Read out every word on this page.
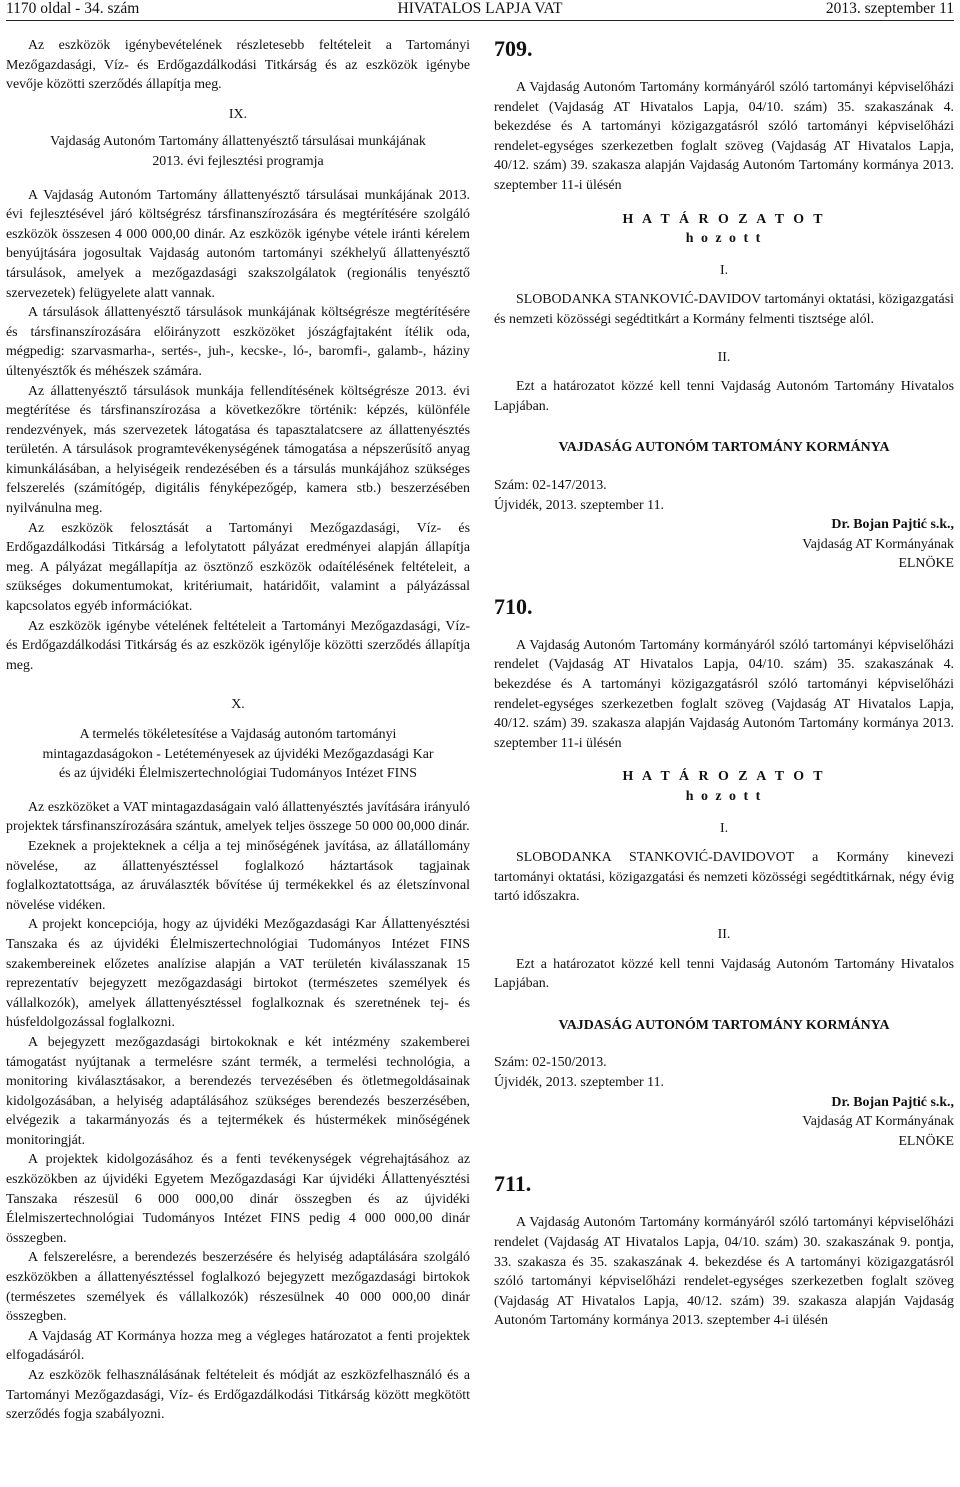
1170 oldal - 34. szám	HIVATALOS LAPJA VAT	2013. szeptember 11

Az eszközök igénybevételének részletesebb feltételeit a Tartományi Mezőgazdasági, Víz- és Erdőgazdálkodási Titkárság és az eszközök igénybe vevője közötti szerződés állapítja meg.

IX.

Vajdaság Autonóm Tartomány állattenyésztő társulásai munkájának

2013. évi fejlesztési programja

A Vajdaság Autonóm Tartomány állattenyésztő társulásai munkájának 2013. évi fejlesztésével járó költségrész társfinanszírozására és megtérítésére szolgáló eszközök összesen 4 000 000,00 dinár. Az eszközök igénybe vétele iránti kérelem benyújtására jogosultak Vajdaság autonóm tartományi székhelyű állattenyésztő társulások, amelyek a mezőgazdasági szakszolgálatok (regionális tenyésztő szervezetek) felügyelete alatt vannak.

A társulások állattenyésztő társulások munkájának költségrésze megtérítésére és társfinanszírozására előirányzott eszközöket jószágfajtaként ítélik oda, mégpedig: szarvasmarha-, sertés-, juh-, kecske-, ló-, baromfi-, galamb-, háziny últenyésztők és méhészek számára.

Az állattenyésztő társulások munkája fellendítésének költségrésze 2013. évi megtérítése és társfinanszírozása a következőkre történik: képzés, különféle rendezvények, más szervezetek látogatása és tapasztalatcsere az állattenyésztés területén. A társulások programtevékenységének támogatása a népszerűsítő anyag kimunkálásában, a helyiségeik rendezésében és a társulás munkájához szükséges felszerelés (számítógép, digitális fényképezőgép, kamera stb.) beszerzésében nyilvánulna meg.

Az eszközök felosztását a Tartományi Mezőgazdasági, Víz- és Erdőgazdálkodási Titkárság a lefolytatott pályázat eredményei alapján állapítja meg. A pályázat megállapítja az ösztönző eszközök odaítélésének feltételeit, a szükséges dokumentumokat, kritériumait, határidőit, valamint a pályázással kapcsolatos egyéb információkat.

Az eszközök igénybe vételének feltételeit a Tartományi Mezőgazdasági, Víz- és Erdőgazdálkodási Titkárság és az eszközök igénylője közötti szerződés állapítja meg.

X.

A termelés tökéletesítése a Vajdaság autonóm tartományi

mintagazdaságokon - Letéteményesek az újvidéki Mezőgazdasági Kar

és az újvidéki Élelmiszertechnológiai Tudományos Intézet FINS

Az eszközöket a VAT mintagazdaságain való állattenyésztés javítására irányuló projektek társfinanszírozására szántuk, amelyek teljes összege 50 000 00,000 dinár.

Ezeknek a projekteknek a célja a tej minőségének javítása, az állatállomány növelése, az állattenyésztéssel foglalkozó háztartások tagjainak foglalkoztatottsága, az áruválaszték bővítése új termékekkel és az életszínvonal növelése vidéken.

A projekt koncepciója, hogy az újvidéki Mezőgazdasági Kar Állattenyésztési Tanszaka és az újvidéki Élelmiszertechnológiai Tudományos Intézet FINS szakembereinek előzetes analízise alapján a VAT területén kiválasszanak 15 reprezentatív bejegyzett mezőgazdasági birtokot (természetes személyek és vállalkozók), amelyek állattenyésztéssel foglalkoznak és szeretnének tej- és húsfeldolgozással foglalkozni.

A bejegyzett mezőgazdasági birtokoknak e két intézmény szakemberei támogatást nyújtanak a termelésre szánt termék, a termelési technológia, a monitoring kiválasztásakor, a berendezés tervezésében és ötletmegoldásainak kidolgozásában, a helyiség adaptálásához szükséges berendezés beszerzésében, elvégezik a takarmányozás és a tejtermékek és hústermékek minőségének monitoringját.

A projektek kidolgozásához és a fenti tevékenységek végrehajtásához az eszközökben az újvidéki Egyetem Mezőgazdasági Kar újvidéki Állattenyésztési Tanszaka részesül 6 000 000,00 dinár összegben és az újvidéki Élelmiszertechnológiai Tudományos Intézet FINS pedig 4 000 000,00 dinár összegben.

A felszerelésre, a berendezés beszerzésére és helyiség adaptálására szolgáló eszközökben a állattenyésztéssel foglalkozó bejegyzett mezőgazdasági birtokok (természetes személyek és vállalkozók) részesülnek 40 000 000,00 dinár összegben.

A Vajdaság AT Kormánya hozza meg a végleges határozatot a fenti projektek elfogadásáról.

Az eszközök felhasználásának feltételeit és módját az eszközfelhasználó és a Tartományi Mezőgazdasági, Víz- és Erdőgazdálkodási Titkárság között megkötött szerződés fogja szabályozni.

709.

A Vajdaság Autonóm Tartomány kormányáról szóló tartományi képviselőházi rendelet (Vajdaság AT Hivatalos Lapja, 04/10. szám) 35. szakaszának 4. bekezdése és A tartományi közigazgatásról szóló tartományi képviselőházi rendelet-egységes szerkezetben foglalt szöveg (Vajdaság AT Hivatalos Lapja, 40/12. szám) 39. szakasza alapján Vajdaság Autonóm Tartomány kormánya 2013. szeptember 11-i ülésén

H A T Á R O Z A T O T

h o z o t t

I.

SLOBODANKA STANKOVIĆ-DAVIDOV tartományi oktatási, közigazgatási és nemzeti közösségi segédtitkárt a Kormány felmenti tisztsége alól.

II.

Ezt a határozatot közzé kell tenni Vajdaság Autonóm Tartomány Hivatalos Lapjában.

VAJDASÁG AUTONÓM TARTOMÁNY KORMÁNYA

Szám: 02-147/2013.

Újvidék, 2013. szeptember 11.

Dr. Bojan Pajtić s.k.,

Vajdaság AT Kormányának

ELNÖKE

710.

A Vajdaság Autonóm Tartomány kormányáról szóló tartományi képviselőházi rendelet (Vajdaság AT Hivatalos Lapja, 04/10. szám) 35. szakaszának 4. bekezdése és A tartományi közigazgatásról szóló tartományi képviselőházi rendelet-egységes szerkezetben foglalt szöveg (Vajdaság AT Hivatalos Lapja, 40/12. szám) 39. szakasza alapján Vajdaság Autonóm Tartomány kormánya 2013. szeptember 11-i ülésén

H A T Á R O Z A T O T

h o z o t t

I.

SLOBODANKA STANKOVIĆ-DAVIDOVOT a Kormány kinevezi tartományi oktatási, közigazgatási és nemzeti közösségi segédtitkárnak, négy évig tartó időszakra.

II.

Ezt a határozatot közzé kell tenni Vajdaság Autonóm Tartomány Hivatalos Lapjában.

VAJDASÁG AUTONÓM TARTOMÁNY KORMÁNYA

Szám: 02-150/2013.

Újvidék, 2013. szeptember 11.

Dr. Bojan Pajtić s.k.,

Vajdaság AT Kormányának

ELNÖKE

711.

A Vajdaság Autonóm Tartomány kormányáról szóló tartományi képviselőházi rendelet (Vajdaság AT Hivatalos Lapja, 04/10. szám) 30. szakaszának 9. pontja, 33. szakasza és 35. szakaszának 4. bekezdése és A tartományi közigazgatásról szóló tartományi képviselőházi rendelet-egységes szerkezetben foglalt szöveg (Vajdaság AT Hivatalos Lapja, 40/12. szám) 39. szakasza alapján Vajdaság Autonóm Tartomány kormánya 2013. szeptember 4-i ülésén
